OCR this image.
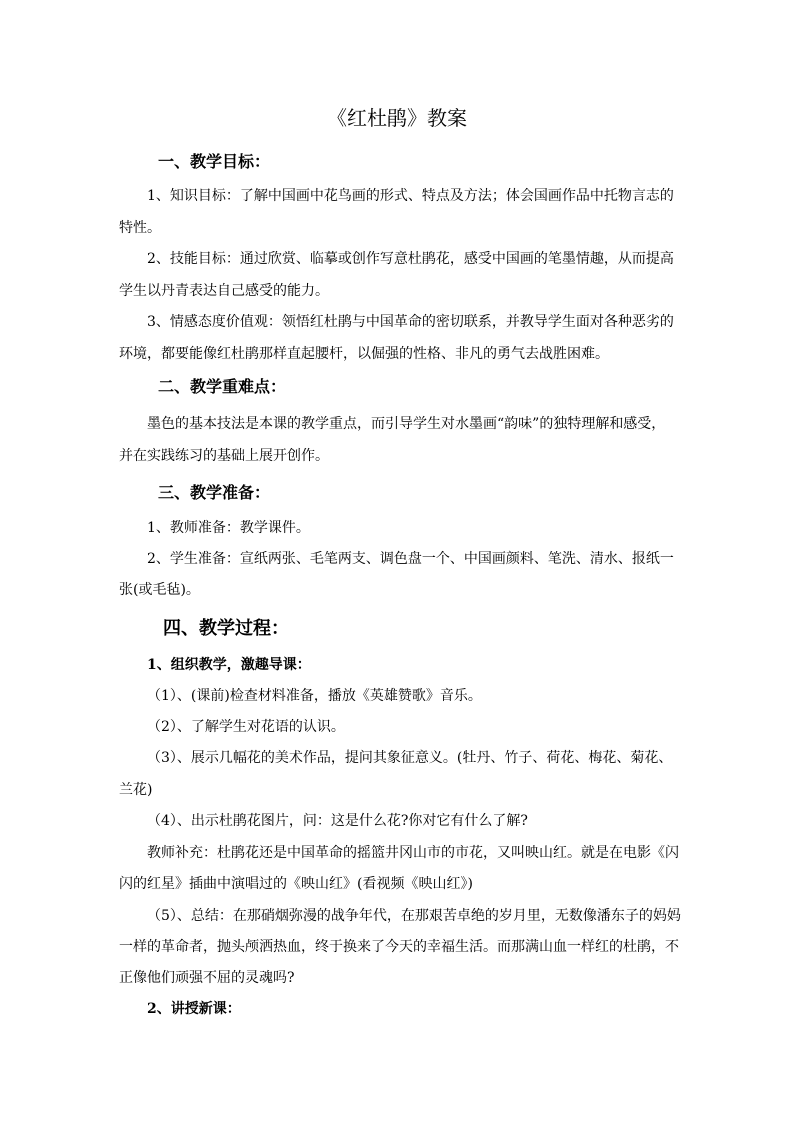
《红杜鹃》教案
一、教学目标：
1、知识目标：了解中国画中花鸟画的形式、特点及方法；体会国画作品中托物言志的
特性。
2、技能目标：通过欣赏、临摹或创作写意杜鹃花，感受中国画的笔墨情趣，从而提高
学生以丹青表达自己感受的能力。
3、情感态度价值观：领悟红杜鹃与中国革命的密切联系，并教导学生面对各种恶劣的
环境，都要能像红杜鹃那样直起腰杆，以倔强的性格、非凡的勇气去战胜困难。
二、教学重难点：
墨色的基本技法是本课的教学重点，而引导学生对水墨画“韵味”的独特理解和感受，
并在实践练习的基础上展开创作。
三、教学准备：
1、教师准备：教学课件。
2、学生准备：宣纸两张、毛笔两支、调色盘一个、中国画颜料、笔洗、清水、报纸一
张(或毛毡)。
四、教学过程：
1、组织教学，激趣导课：
（1）、(课前)检查材料准备，播放《英雄赞歌》音乐。
（2）、了解学生对花语的认识。
（3）、展示几幅花的美术作品，提问其象征意义。(牡丹、竹子、荷花、梅花、菊花、
兰花)
（4）、出示杜鹃花图片，问：这是什么花?你对它有什么了解?
教师补充：杜鹃花还是中国革命的摇篮井冈山市的市花，又叫映山红。就是在电影《闪
闪的红星》插曲中演唱过的《映山红》(看视频《映山红》)
（5）、总结：在那硝烟弥漫的战争年代，在那艰苦卓绝的岁月里，无数像潘东子的妈妈
一样的革命者，抛头颅洒热血，终于换来了今天的幸福生活。而那满山血一样红的杜鹃，不
正像他们顽强不屈的灵魂吗?
2、讲授新课：
